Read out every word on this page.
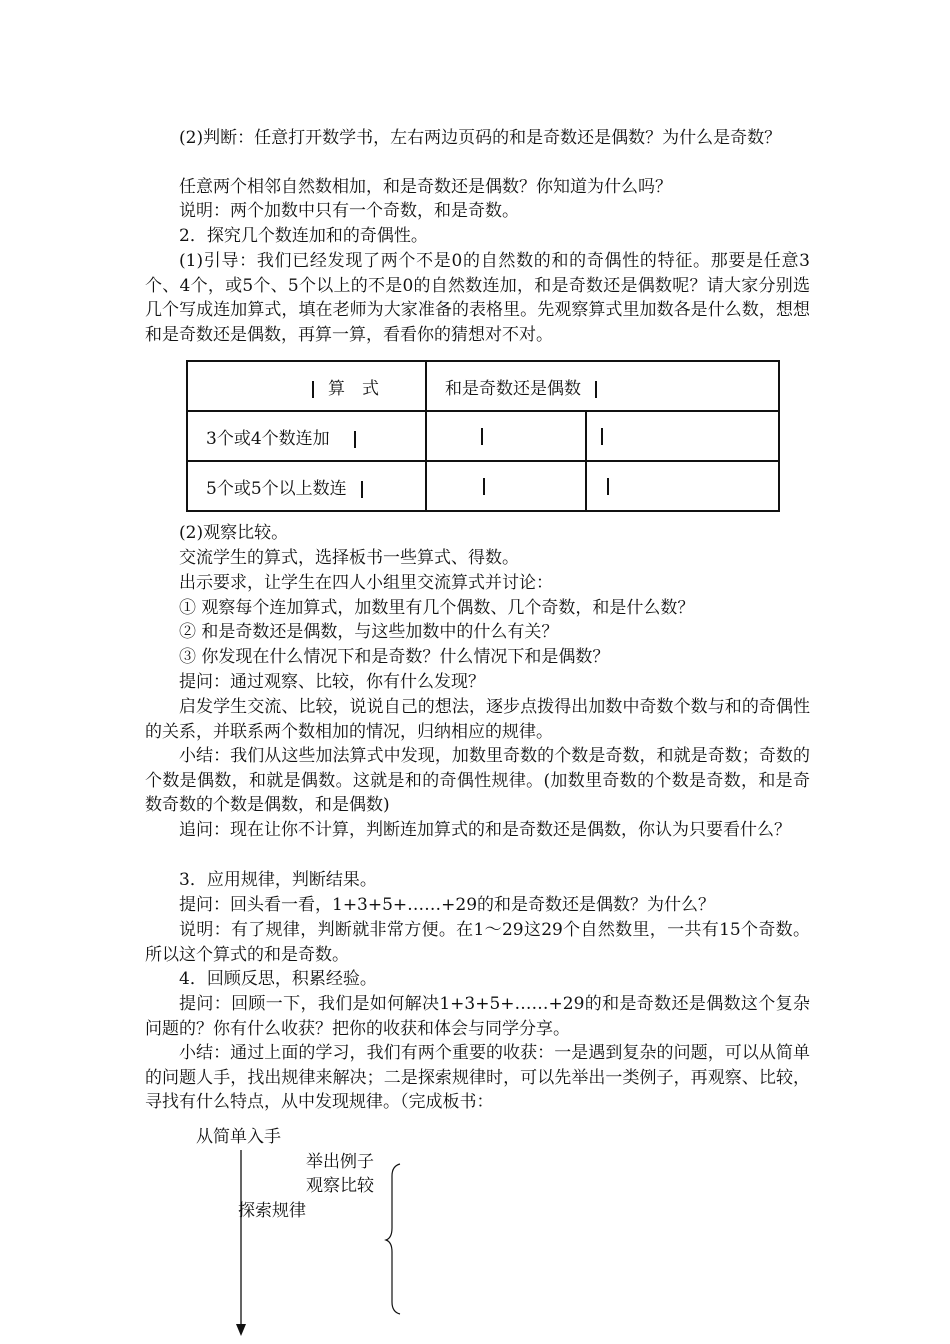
(2)判断：任意打开数学书，左右两边页码的和是奇数还是偶数？为什么是奇数？
任意两个相邻自然数相加，和是奇数还是偶数？你知道为什么吗？
说明：两个加数中只有一个奇数，和是奇数。
2．探究几个数连加和的奇偶性。
(1)引导：我们已经发现了两个不是0的自然数的和的奇偶性的特征。那要是任意3个、4个，或5个、5个以上的不是0的自然数连加，和是奇数还是偶数呢？请大家分别选几个写成连加算式，填在老师为大家准备的表格里。先观察算式里加数各是什么数，想想和是奇数还是偶数，再算一算，看看你的猜想对不对。
算　式	和是奇数还是偶数	
3个或4个数连加		
5个或5个以上数连		
(2)观察比较。
交流学生的算式，选择板书一些算式、得数。
出示要求，让学生在四人小组里交流算式并讨论：
① 观察每个连加算式，加数里有几个偶数、几个奇数，和是什么数？
② 和是奇数还是偶数，与这些加数中的什么有关？
③ 你发现在什么情况下和是奇数？什么情况下和是偶数？
提问：通过观察、比较，你有什么发现？
启发学生交流、比较，说说自己的想法，逐步点拨得出加数中奇数个数与和的奇偶性的关系，并联系两个数相加的情况，归纳相应的规律。
小结：我们从这些加法算式中发现，加数里奇数的个数是奇数，和就是奇数；奇数的个数是偶数，和就是偶数。这就是和的奇偶性规律。(加数里奇数的个数是奇数，和是奇数奇数的个数是偶数，和是偶数)
追问：现在让你不计算，判断连加算式的和是奇数还是偶数，你认为只要看什么？
3．应用规律，判断结果。
提问：回头看一看，1+3+5+……+29的和是奇数还是偶数？为什么？
说明：有了规律，判断就非常方便。在1～29这29个自然数里，一共有15个奇数。所以这个算式的和是奇数。
4．回顾反思，积累经验。
提问：回顾一下，我们是如何解决1+3+5+……+29的和是奇数还是偶数这个复杂问题的？你有什么收获？把你的收获和体会与同学分享。
小结：通过上面的学习，我们有两个重要的收获：一是遇到复杂的问题，可以从简单的问题人手，找出规律来解决；二是探索规律时，可以先举出一类例子，再观察、比较，寻找有什么特点，从中发现规律。（完成板书：
从简单入手
举出例子
观察比较
探索规律
